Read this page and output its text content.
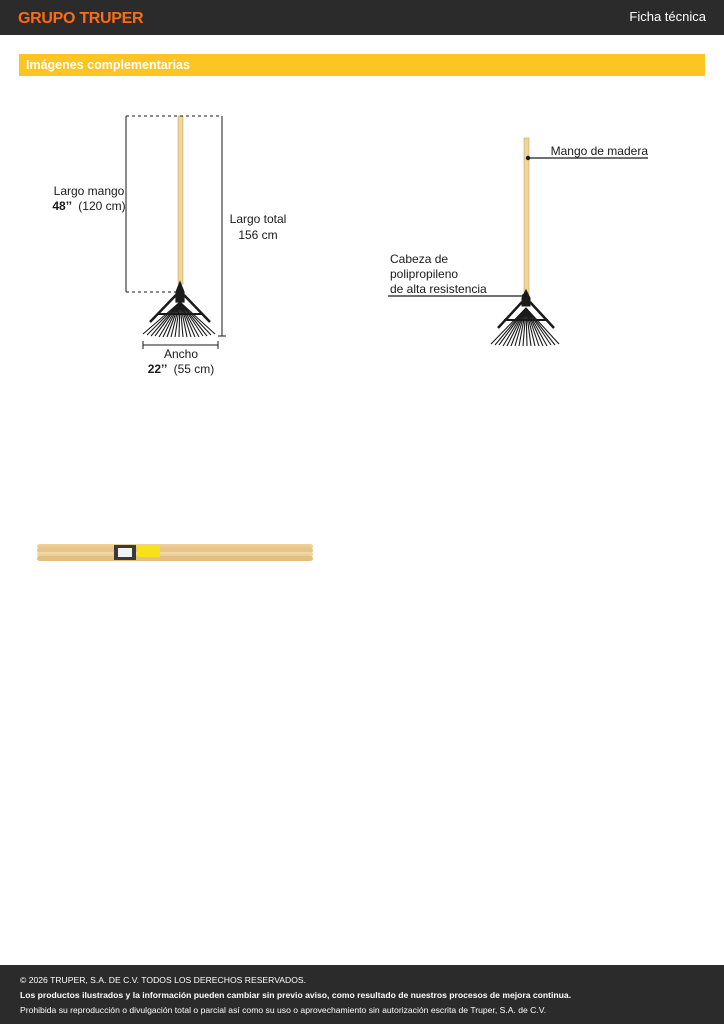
GRUPO TRUPER	Ficha técnica
Imágenes complementarias
Largo mango
48’’ (120 cm)
Largo total
156 cm
Ancho
22’’ (55 cm)
Mango de madera
Cabeza de
polipropileno
de alta resistencia
© 2026 TRUPER, S.A. DE C.V. TODOS LOS DERECHOS RESERVADOS.
Los productos ilustrados y la información pueden cambiar sin previo aviso, como resultado de nuestros procesos de mejora continua.
Prohibida su reproducción o divulgación total o parcial así como su uso o aprovechamiento sin autorización escrita de Truper, S.A. de C.V.
